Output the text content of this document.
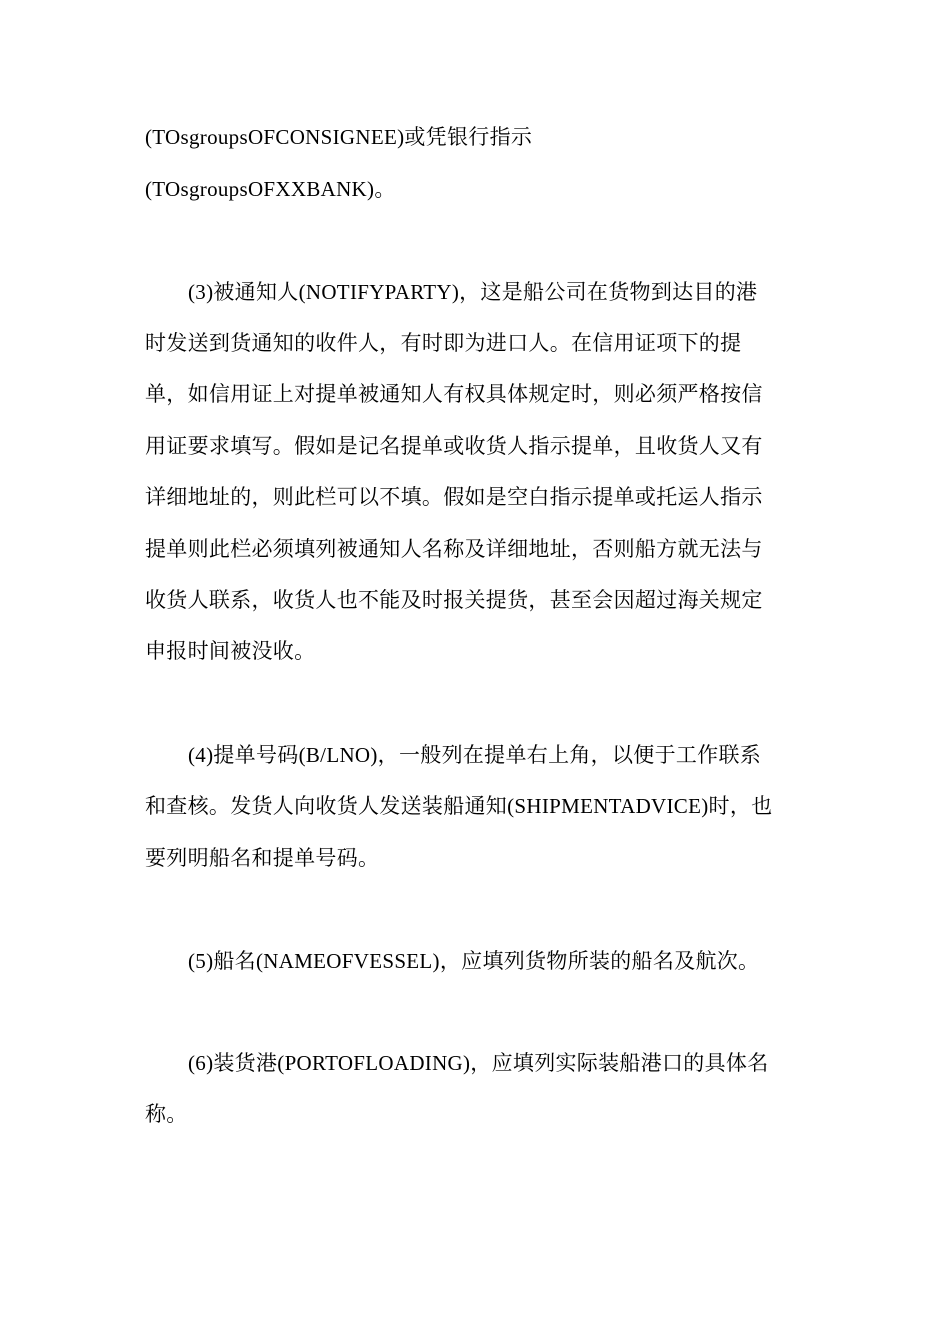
(TOsgroupsOFCONSIGNEE)或凭银行指示
(TOsgroupsOFXXBANK)。
(3)被通知人(NOTIFYPARTY)，这是船公司在货物到达目的港
时发送到货通知的收件人，有时即为进口人。在信用证项下的提
单，如信用证上对提单被通知人有权具体规定时，则必须严格按信
用证要求填写。假如是记名提单或收货人指示提单，且收货人又有
详细地址的，则此栏可以不填。假如是空白指示提单或托运人指示
提单则此栏必须填列被通知人名称及详细地址，否则船方就无法与
收货人联系，收货人也不能及时报关提货，甚至会因超过海关规定
申报时间被没收。
(4)提单号码(B/LNO)，一般列在提单右上角，以便于工作联系
和查核。发货人向收货人发送装船通知(SHIPMENTADVICE)时，也
要列明船名和提单号码。
(5)船名(NAMEOFVESSEL)，应填列货物所装的船名及航次。
(6)装货港(PORTOFLOADING)，应填列实际装船港口的具体名
称。
